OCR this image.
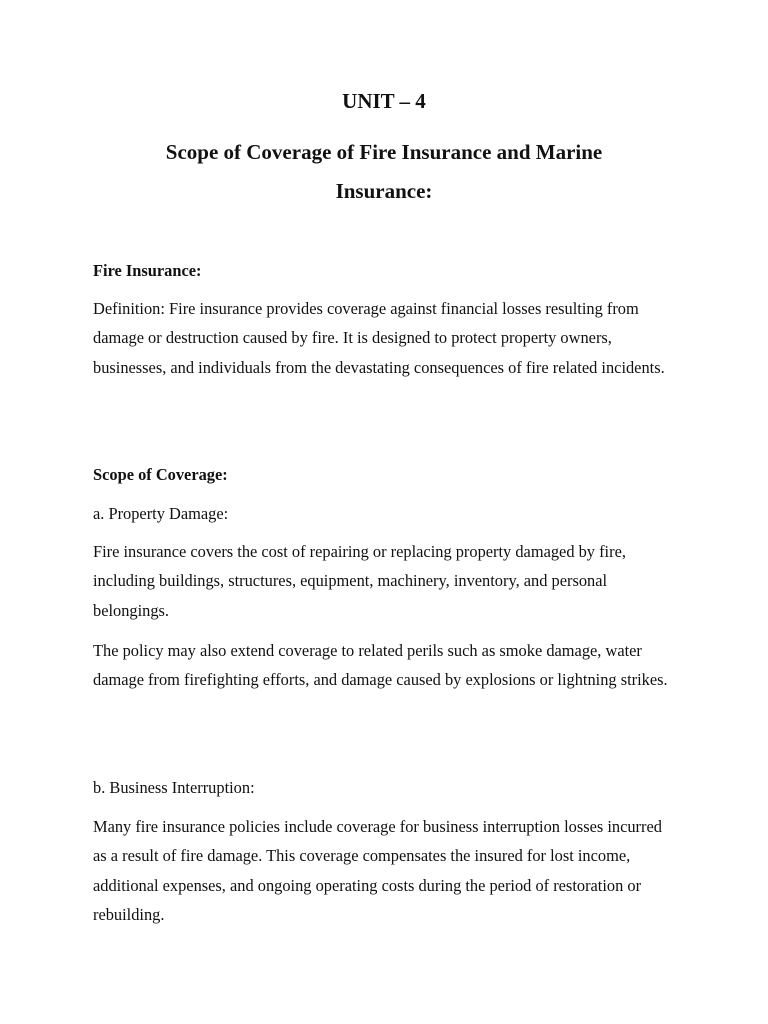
UNIT – 4
Scope of Coverage of Fire Insurance and Marine Insurance:

Fire Insurance:

Definition: Fire insurance provides coverage against financial losses resulting from damage or destruction caused by fire. It is designed to protect property owners, businesses, and individuals from the devastating consequences of fire related incidents.

Scope of Coverage:

a. Property Damage:

Fire insurance covers the cost of repairing or replacing property damaged by fire, including buildings, structures, equipment, machinery, inventory, and personal belongings.

The policy may also extend coverage to related perils such as smoke damage, water damage from firefighting efforts, and damage caused by explosions or lightning strikes.

b. Business Interruption:

Many fire insurance policies include coverage for business interruption losses incurred as a result of fire damage. This coverage compensates the insured for lost income, additional expenses, and ongoing operating costs during the period of restoration or rebuilding.
